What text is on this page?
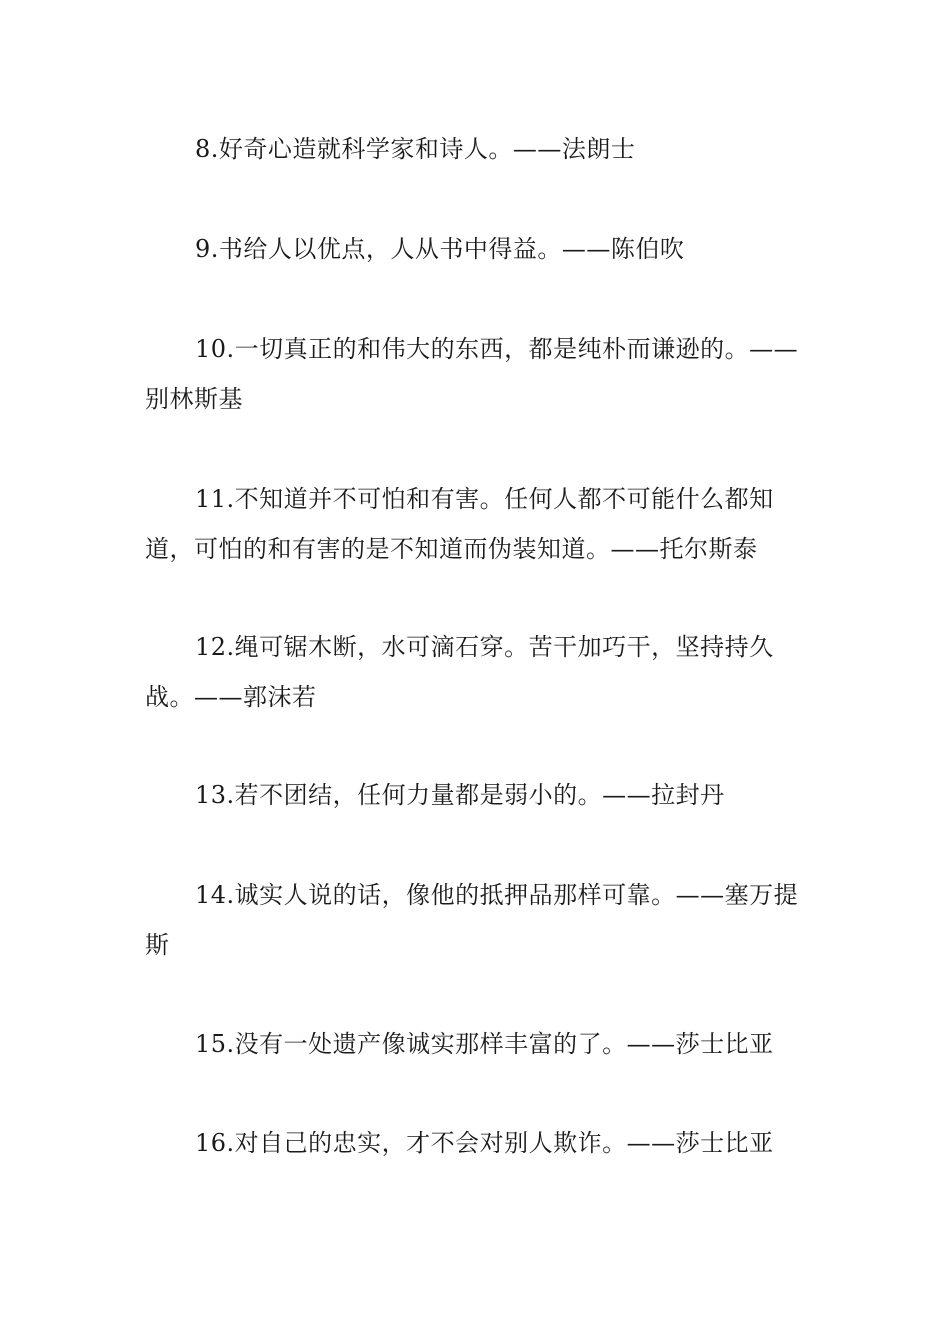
8.好奇心造就科学家和诗人。——法朗士

9.书给人以优点，人从书中得益。——陈伯吹

10.一切真正的和伟大的东西，都是纯朴而谦逊的。——别林斯基

11.不知道并不可怕和有害。任何人都不可能什么都知道，可怕的和有害的是不知道而伪装知道。——托尔斯泰

12.绳可锯木断，水可滴石穿。苦干加巧干，坚持持久战。——郭沫若

13.若不团结，任何力量都是弱小的。——拉封丹

14.诚实人说的话，像他的抵押品那样可靠。——塞万提斯

15.没有一处遗产像诚实那样丰富的了。——莎士比亚

16.对自己的忠实，才不会对别人欺诈。——莎士比亚
